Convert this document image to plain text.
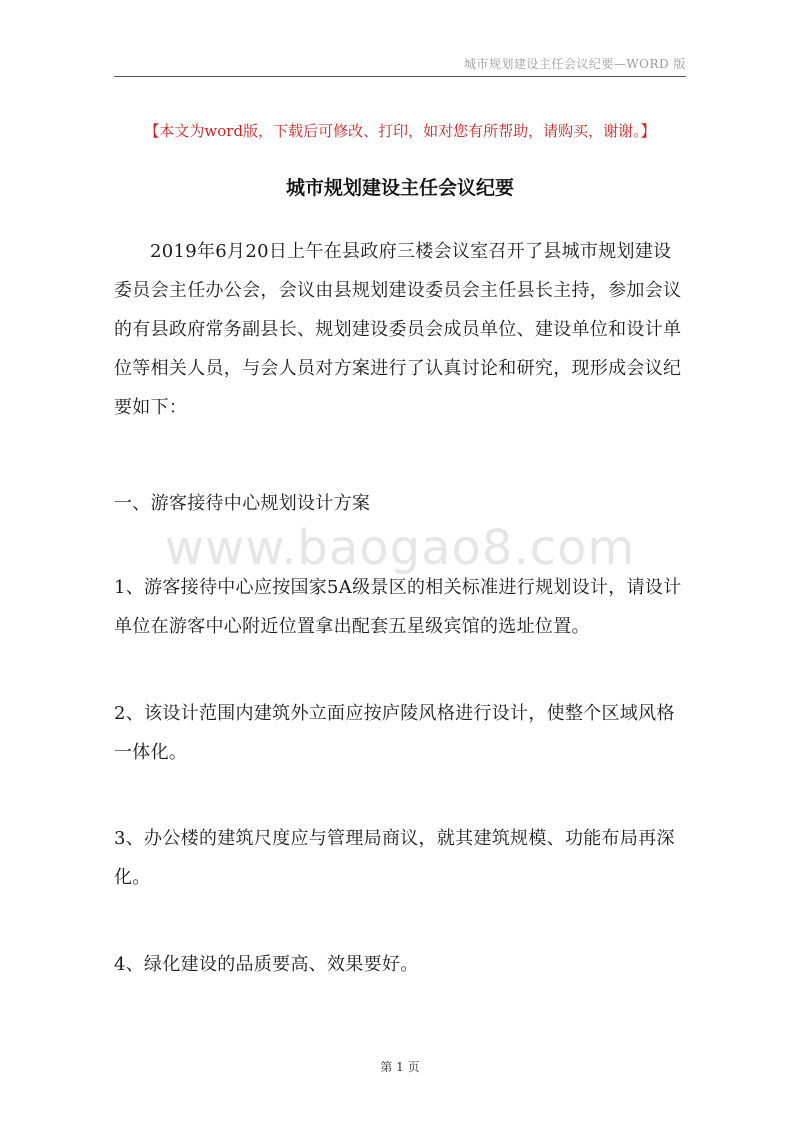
城市规划建设主任会议纪要—WORD 版
【本文为word版，下载后可修改、打印，如对您有所帮助，请购买，谢谢。】
城市规划建设主任会议纪要

2019年6月20日上午在县政府三楼会议室召开了县城市规划建设委员会主任办公会，会议由县规划建设委员会主任县长主持，参加会议的有县政府常务副县长、规划建设委员会成员单位、建设单位和设计单位等相关人员，与会人员对方案进行了认真讨论和研究，现形成会议纪要如下：

一、游客接待中心规划设计方案

www.baogao8.com

1、游客接待中心应按国家5A级景区的相关标准进行规划设计，请设计单位在游客中心附近位置拿出配套五星级宾馆的选址位置。

2、该设计范围内建筑外立面应按庐陵风格进行设计，使整个区域风格一体化。

3、办公楼的建筑尺度应与管理局商议，就其建筑规模、功能布局再深化。

4、绿化建设的品质要高、效果要好。

第 1 页
